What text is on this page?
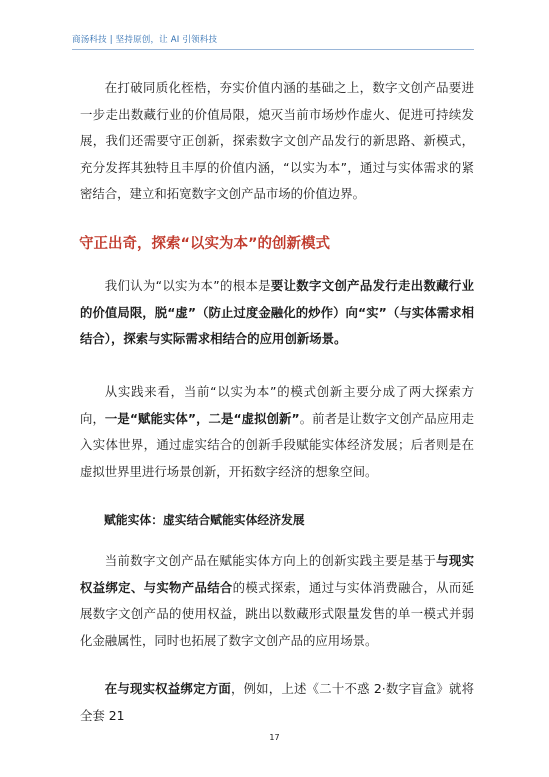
商汤科技 | 坚持原创，让 AI 引领科技

在打破同质化桎梏，夯实价值内涵的基础之上，数字文创产品要进一步走出数藏行业的价值局限，熄灭当前市场炒作虚火、促进可持续发展，我们还需要守正创新，探索数字文创产品发行的新思路、新模式，充分发挥其独特且丰厚的价值内涵，“以实为本”，通过与实体需求的紧密结合，建立和拓宽数字文创产品市场的价值边界。

守正出奇，探索“以实为本”的创新模式

我们认为“以实为本”的根本是要让数字文创产品发行走出数藏行业的价值局限，脱“虚”（防止过度金融化的炒作）向“实”（与实体需求相结合），探索与实际需求相结合的应用创新场景。

从实践来看，当前“以实为本”的模式创新主要分成了两大探索方向，一是“赋能实体”，二是“虚拟创新”。前者是让数字文创产品应用走入实体世界，通过虚实结合的创新手段赋能实体经济发展；后者则是在虚拟世界里进行场景创新，开拓数字经济的想象空间。

赋能实体：虚实结合赋能实体经济发展

当前数字文创产品在赋能实体方向上的创新实践主要是基于与现实权益绑定、与实物产品结合的模式探索，通过与实体消费融合，从而延展数字文创产品的使用权益，跳出以数藏形式限量发售的单一模式并弱化金融属性，同时也拓展了数字文创产品的应用场景。

在与现实权益绑定方面，例如，上述《二十不惑 2·数字盲盒》就将全套 21

17
